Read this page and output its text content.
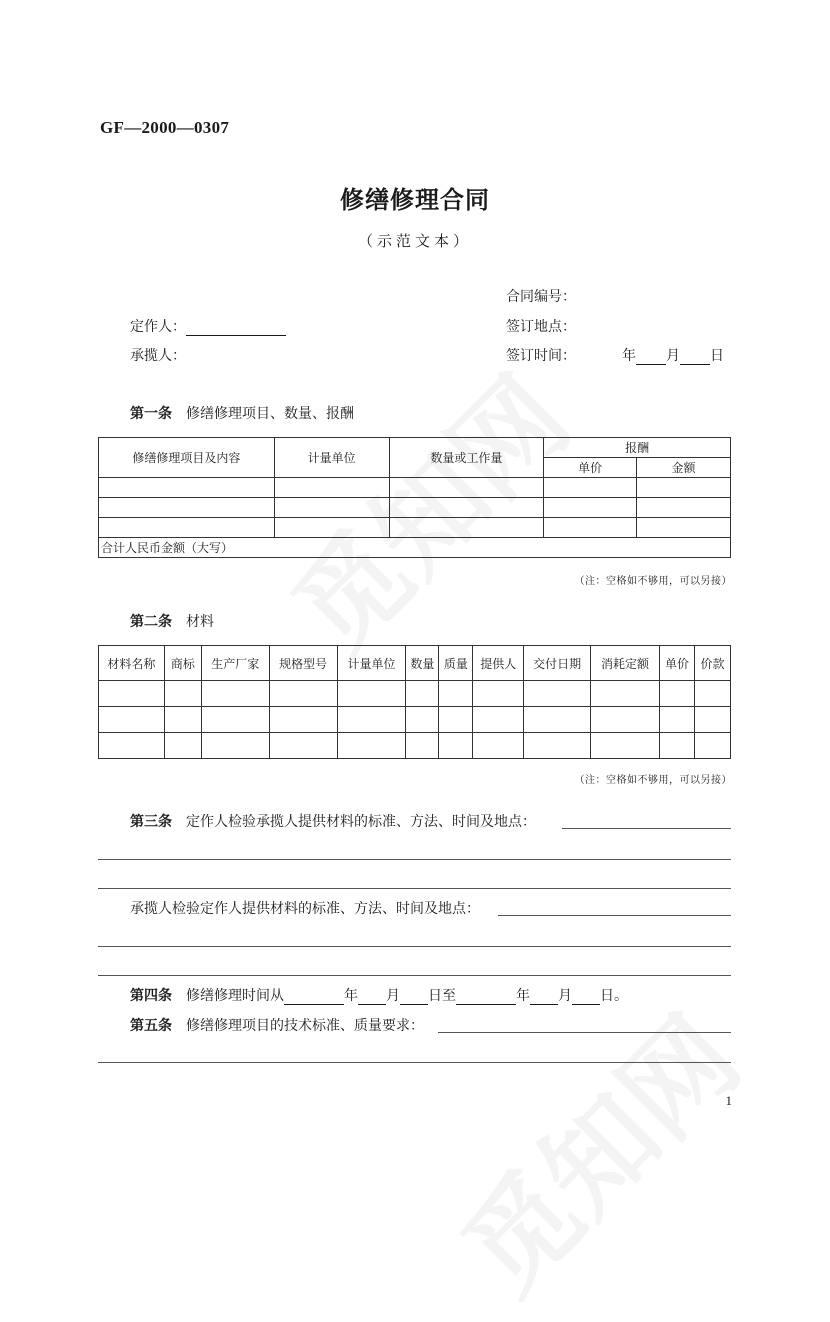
GF—2000—0307
修缮修理合同
（示范文本）
合同编号：
定作人：	签订地点：
承揽人：	签订时间：	年 月 日
第一条 修缮修理项目、数量、报酬
修缮修理项目及内容	计量单位	数量或工作量	报酬	
			单价	金额

合计人民币金额（大写）				
（注：空格如不够用，可以另接）
第二条 材料
材料名称	商标	生产厂家	规格型号	计量单位	数量	质量	提供人	交付日期	消耗定额	单价	价款

（注：空格如不够用，可以另接）
第三条 定作人检验承揽人提供材料的标准、方法、时间及地点：
承揽人检验定作人提供材料的标准、方法、时间及地点：
第四条 修缮修理时间从	年 月 日至	年 月 日。
第五条 修缮修理项目的技术标准、质量要求：
1
